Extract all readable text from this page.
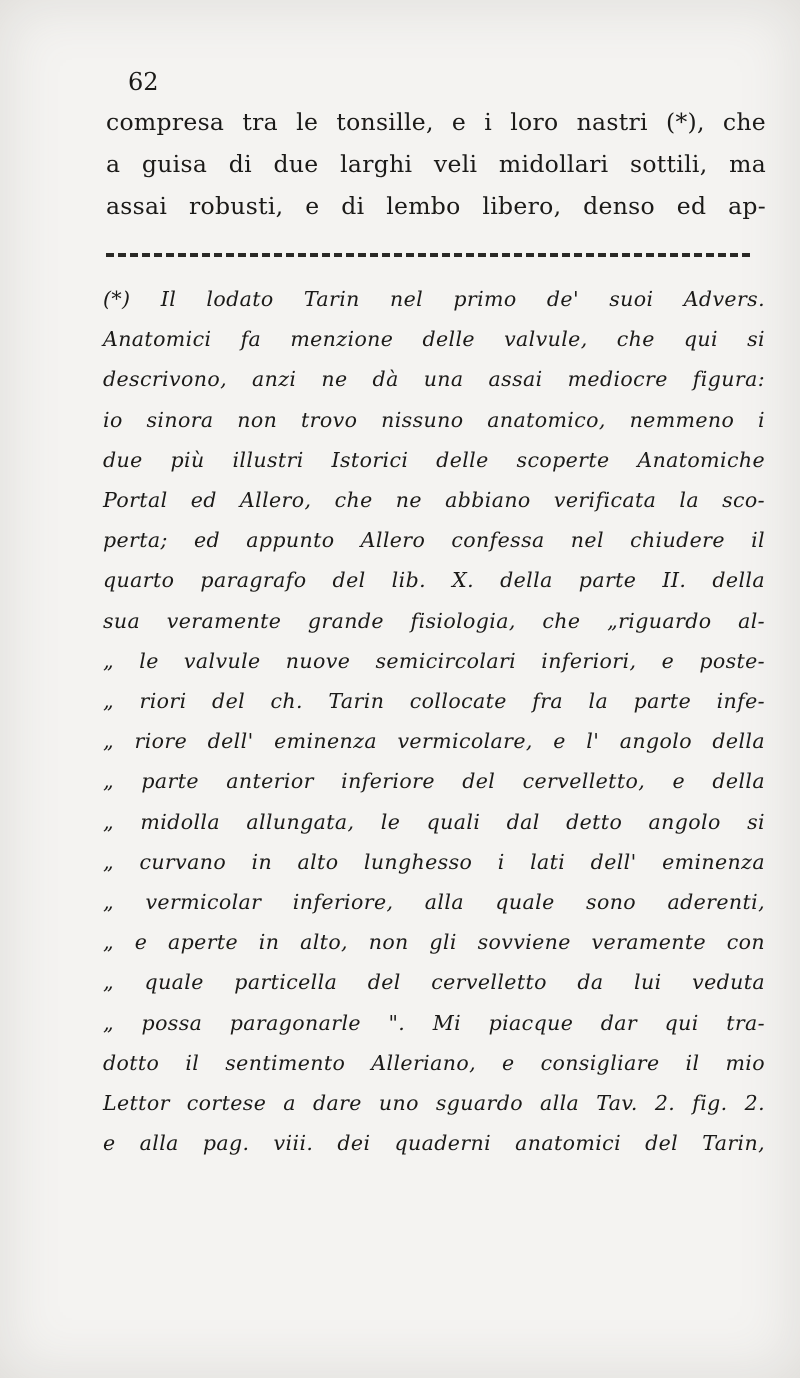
62
compresa tra le tonsille, e i loro nastri (*), che
a guisa di due larghi veli midollari sottili, ma
assai robusti, e di lembo libero, denso ed ap-
(*) Il lodato Tarin nel primo de' suoi Advers.
Anatomici fa menzione delle valvule, che qui si
descrivono, anzi ne dà una assai mediocre figura:
io sinora non trovo nissuno anatomico, nemmeno i
due più illustri Istorici delle scoperte Anatomiche
Portal ed Allero, che ne abbiano verificata la sco-
perta; ed appunto Allero confessa nel chiudere il
quarto paragrafo del lib. X. della parte II. della
sua veramente grande fisiologia, che „riguardo al-
„ le valvule nuove semicircolari inferiori, e poste-
„ riori del ch. Tarin collocate fra la parte infe-
„ riore dell' eminenza vermicolare, e l' angolo della
„ parte anterior inferiore del cervelletto, e della
„ midolla allungata, le quali dal detto angolo si
„ curvano in alto lunghesso i lati dell' eminenza
„ vermicolar inferiore, alla quale sono aderenti,
„ e aperte in alto, non gli sovviene veramente con
„ quale particella del cervelletto da lui veduta
„ possa paragonarle ". Mi piacque dar qui tra-
dotto il sentimento Alleriano, e consigliare il mio
Lettor cortese a dare uno sguardo alla Tav. 2. fig. 2.
e alla pag. viii. dei quaderni anatomici del Tarin,
